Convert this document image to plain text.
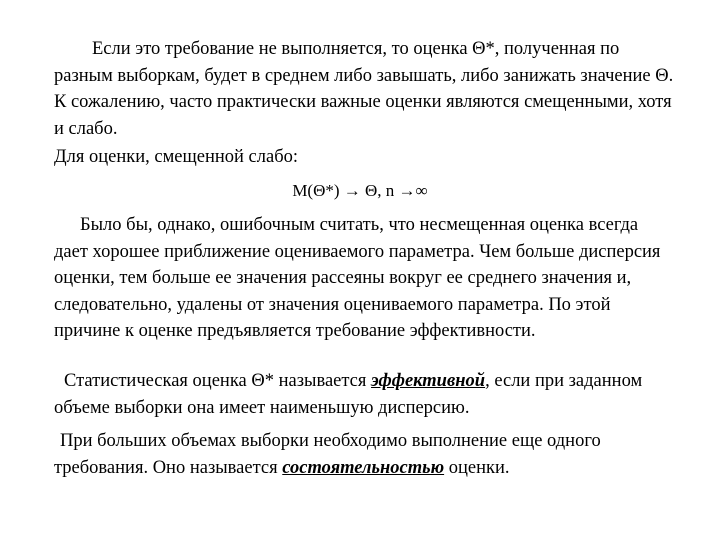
Если это требование не выполняется, то оценка Θ*, полученная по разным выборкам, будет в среднем либо завышать, либо занижать значение Θ. К сожалению, часто практически важные оценки являются смещенными, хотя и слабо.

Для оценки, смещенной слабо:

M(Θ*) → Θ, n →∞

Было бы, однако, ошибочным считать, что несмещенная оценка всегда дает хорошее приближение оцениваемого параметра. Чем больше дисперсия оценки, тем больше ее значения рассеяны вокруг ее среднего значения и, следовательно, удалены от значения оцениваемого параметра. По этой причине к оценке предъявляется требование эффективности.

Статистическая оценка Θ* называется эффективной, если при заданном объеме выборки она имеет наименьшую дисперсию.

При больших объемах выборки необходимо выполнение еще одного требования. Оно называется состоятельностью оценки.
